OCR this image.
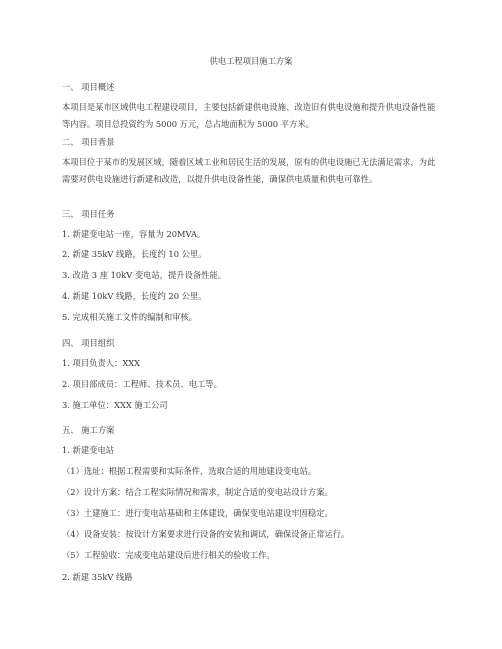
供电工程项目施工方案
一、 项目概述
本项目是某市区域供电工程建设项目，主要包括新建供电设施、改造旧有供电设施和提升供电设备性能等内容。项目总投资约为 5000 万元，总占地面积为 5000 平方米。
二、 项目背景
本项目位于某市的发展区域，随着区域工业和居民生活的发展，原有的供电设施已无法满足需求，为此需要对供电设施进行新建和改造，以提升供电设备性能，确保供电质量和供电可靠性。
三、 项目任务
1. 新建变电站一座，容量为 20MVA。
2. 新建 35kV 线路，长度约 10 公里。
3. 改造 3 座 10kV 变电站，提升设备性能。
4. 新建 10kV 线路，长度约 20 公里。
5. 完成相关施工文件的编制和审核。
四、 项目组织
1. 项目负责人：XXX
2. 项目部成员：工程师、技术员、电工等。
3. 施工单位：XXX 施工公司
五、 施工方案
1. 新建变电站
（1）选址：根据工程需要和实际条件，选取合适的用地建设变电站。
（2）设计方案：结合工程实际情况和需求，制定合适的变电站设计方案。
（3）土建施工：进行变电站基础和主体建设，确保变电站建设牢固稳定。
（4）设备安装：按设计方案要求进行设备的安装和调试，确保设备正常运行。
（5）工程验收：完成变电站建设后进行相关的验收工作。
2. 新建 35kV 线路
